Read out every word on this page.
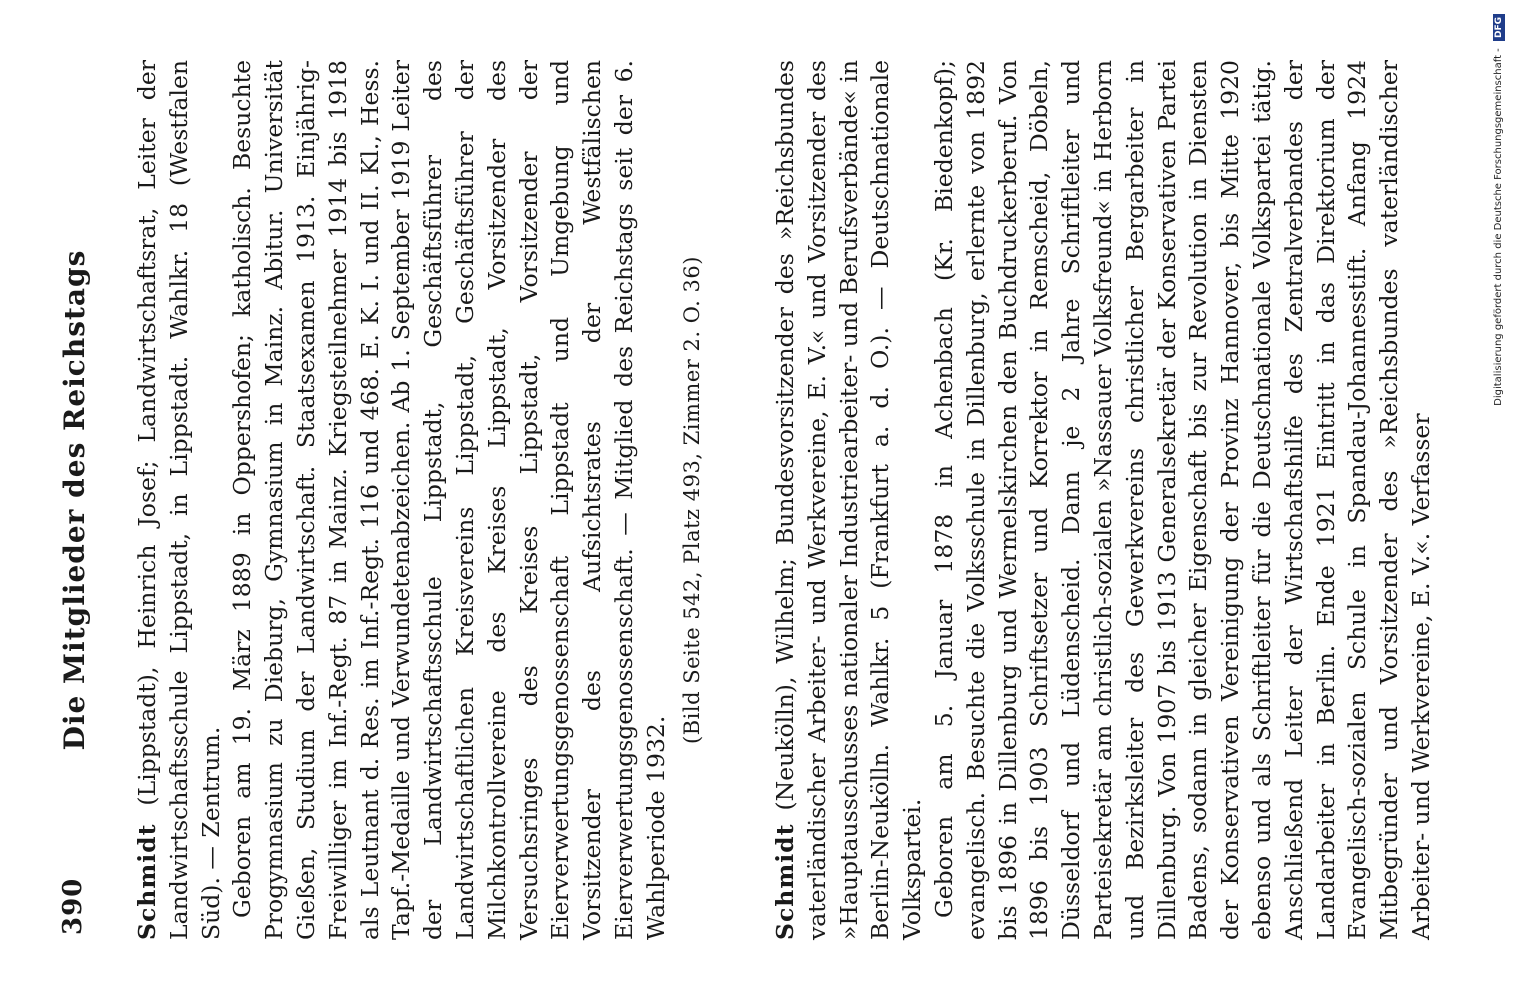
390
Die Mitglieder des Reichstags

Schmidt (Lippstadt), Heinrich Josef; Landwirtschaftsrat, Leiter der Landwirtschaftsschule Lippstadt, in Lippstadt. Wahlkr. 18 (Westfalen Süd). — Zentrum. Geboren am 19. März 1889 in Oppershofen; katholisch. Besuchte Progymnasium zu Dieburg, Gymnasium in Mainz. Abitur. Universität Gießen, Studium der Landwirtschaft. Staatsexamen 1913. Einjährig-Freiwilliger im Inf.-Regt. 87 in Mainz. Kriegsteilnehmer 1914 bis 1918 als Leutnant d. Res. im Inf.-Regt. 116 und 468. E. K. I. und II. Kl., Hess. Tapf.-Medaille und Verwundetenabzeichen. Ab 1. September 1919 Leiter der Landwirtschaftsschule Lippstadt, Geschäftsführer des Landwirtschaftlichen Kreisvereins Lippstadt, Geschäftsführer der Milchkontrollvereine des Kreises Lippstadt, Vorsitzender des Versuchsringes des Kreises Lippstadt, Vorsitzender der Eierverwertungsgenossenschaft Lippstadt und Umgebung und Vorsitzender des Aufsichtsrates der Westfälischen Eierverwertungsgenossenschaft. — Mitglied des Reichstags seit der 6. Wahlperiode 1932.

(Bild Seite 542, Platz 493, Zimmer 2. O. 36)

Schmidt (Neukölln), Wilhelm; Bundesvorsitzender des »Reichsbundes vaterländischer Arbeiter- und Werkvereine, E. V.« und Vorsitzender des »Hauptausschusses nationaler Industriearbeiter- und Berufsverbände« in Berlin-Neukölln. Wahlkr. 5 (Frankfurt a. d. O.). — Deutschnationale Volkspartei. Geboren am 5. Januar 1878 in Achenbach (Kr. Biedenkopf); evangelisch. Besuchte die Volksschule in Dillenburg, erlernte von 1892 bis 1896 in Dillenburg und Wermelskirchen den Buchdruckerberuf. Von 1896 bis 1903 Schriftsetzer und Korrektor in Remscheid, Döbeln, Düsseldorf und Lüdenscheid. Dann je 2 Jahre Schriftleiter und Parteisekretär am christlich-sozialen »Nassauer Volksfreund« in Herborn und Bezirksleiter des Gewerkvereins christlicher Bergarbeiter in Dillenburg. Von 1907 bis 1913 Generalsekretär der Konservativen Partei Badens, sodann in gleicher Eigenschaft bis zur Revolution in Diensten der Konservativen Vereinigung der Provinz Hannover, bis Mitte 1920 ebenso und als Schriftleiter für die Deutschnationale Volkspartei tätig. Anschließend Leiter der Wirtschaftshilfe des Zentralverbandes der Landarbeiter in Berlin. Ende 1921 Eintritt in das Direktorium der Evangelisch-sozialen Schule in Spandau-Johannesstift. Anfang 1924 Mitbegründer und Vorsitzender des »Reichsbundes vaterländischer Arbeiter- und Werkvereine, E. V.«. Verfasser

Digitalisierung gefördert durch die Deutsche Forschungsgemeinschaft - DFG
